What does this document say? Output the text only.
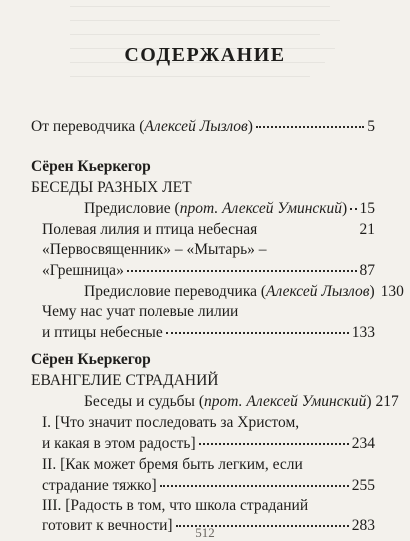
СОДЕРЖАНИЕ
От переводчика ( Алексей Лызлов )	5
Сёрен Кьеркегор
БЕСЕДЫ РАЗНЫХ ЛЕТ
Предисловие ( прот. Алексей Уминский ) 15
Полевая лилия и птица небесная	21
«Первосвященник» – «Мытарь» –
«Грешница»	87
Предисловие переводчика ( Алексей Лызлов ) 130
Чему нас учат полевые лилии
и птицы небесные	133
Сёрен Кьеркегор
ЕВАНГЕЛИЕ СТРАДАНИЙ
Беседы и судьбы ( прот. Алексей Уминский ) 217
I. [Что значит последовать за Христом,
и какая в этом радость]	234
II. [Как может бремя быть легким, если
страдание тяжко]	255
III. [Радость в том, что школа страданий
готовит к вечности]	283
512
